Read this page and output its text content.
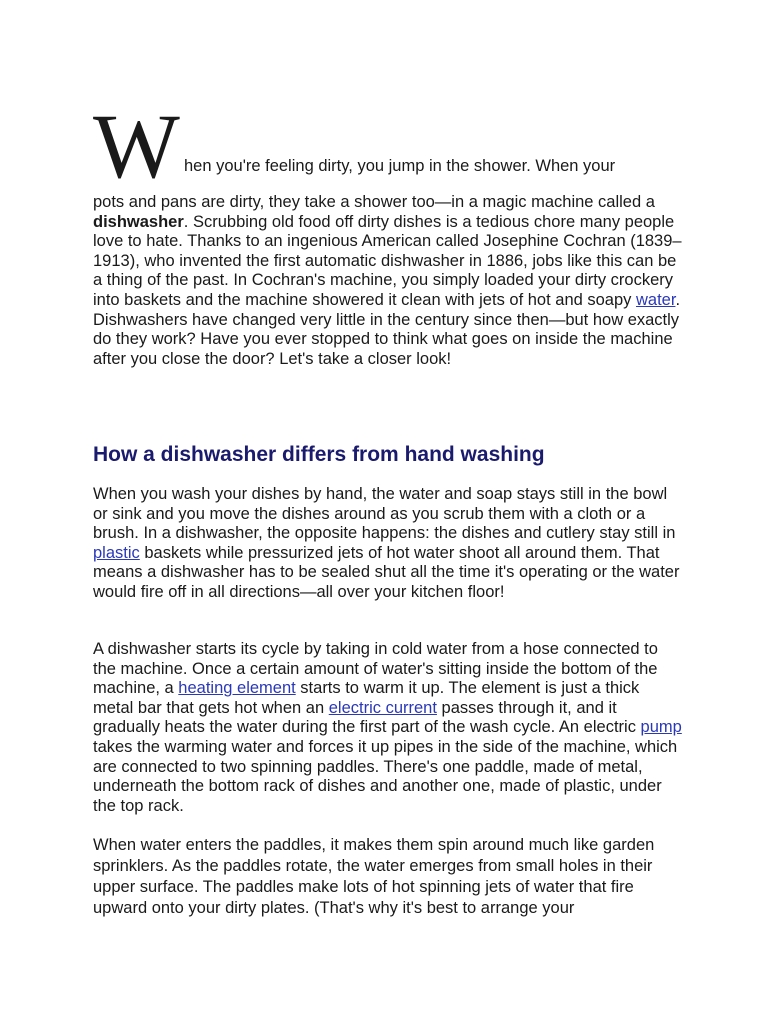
W hen you're feeling dirty, you jump in the shower. When your

pots and pans are dirty, they take a shower too—in a magic machine called a dishwasher. Scrubbing old food off dirty dishes is a tedious chore many people love to hate. Thanks to an ingenious American called Josephine Cochran (1839–1913), who invented the first automatic dishwasher in 1886, jobs like this can be a thing of the past. In Cochran's machine, you simply loaded your dirty crockery into baskets and the machine showered it clean with jets of hot and soapy water. Dishwashers have changed very little in the century since then—but how exactly do they work? Have you ever stopped to think what goes on inside the machine after you close the door? Let's take a closer look!

How a dishwasher differs from hand washing

When you wash your dishes by hand, the water and soap stays still in the bowl or sink and you move the dishes around as you scrub them with a cloth or a brush. In a dishwasher, the opposite happens: the dishes and cutlery stay still in plastic baskets while pressurized jets of hot water shoot all around them. That means a dishwasher has to be sealed shut all the time it's operating or the water would fire off in all directions—all over your kitchen floor!

A dishwasher starts its cycle by taking in cold water from a hose connected to the machine. Once a certain amount of water's sitting inside the bottom of the machine, a heating element starts to warm it up. The element is just a thick metal bar that gets hot when an electric current passes through it, and it gradually heats the water during the first part of the wash cycle. An electric pump takes the warming water and forces it up pipes in the side of the machine, which are connected to two spinning paddles. There's one paddle, made of metal, underneath the bottom rack of dishes and another one, made of plastic, under the top rack.

When water enters the paddles, it makes them spin around much like garden sprinklers. As the paddles rotate, the water emerges from small holes in their upper surface. The paddles make lots of hot spinning jets of water that fire upward onto your dirty plates. (That's why it's best to arrange your
